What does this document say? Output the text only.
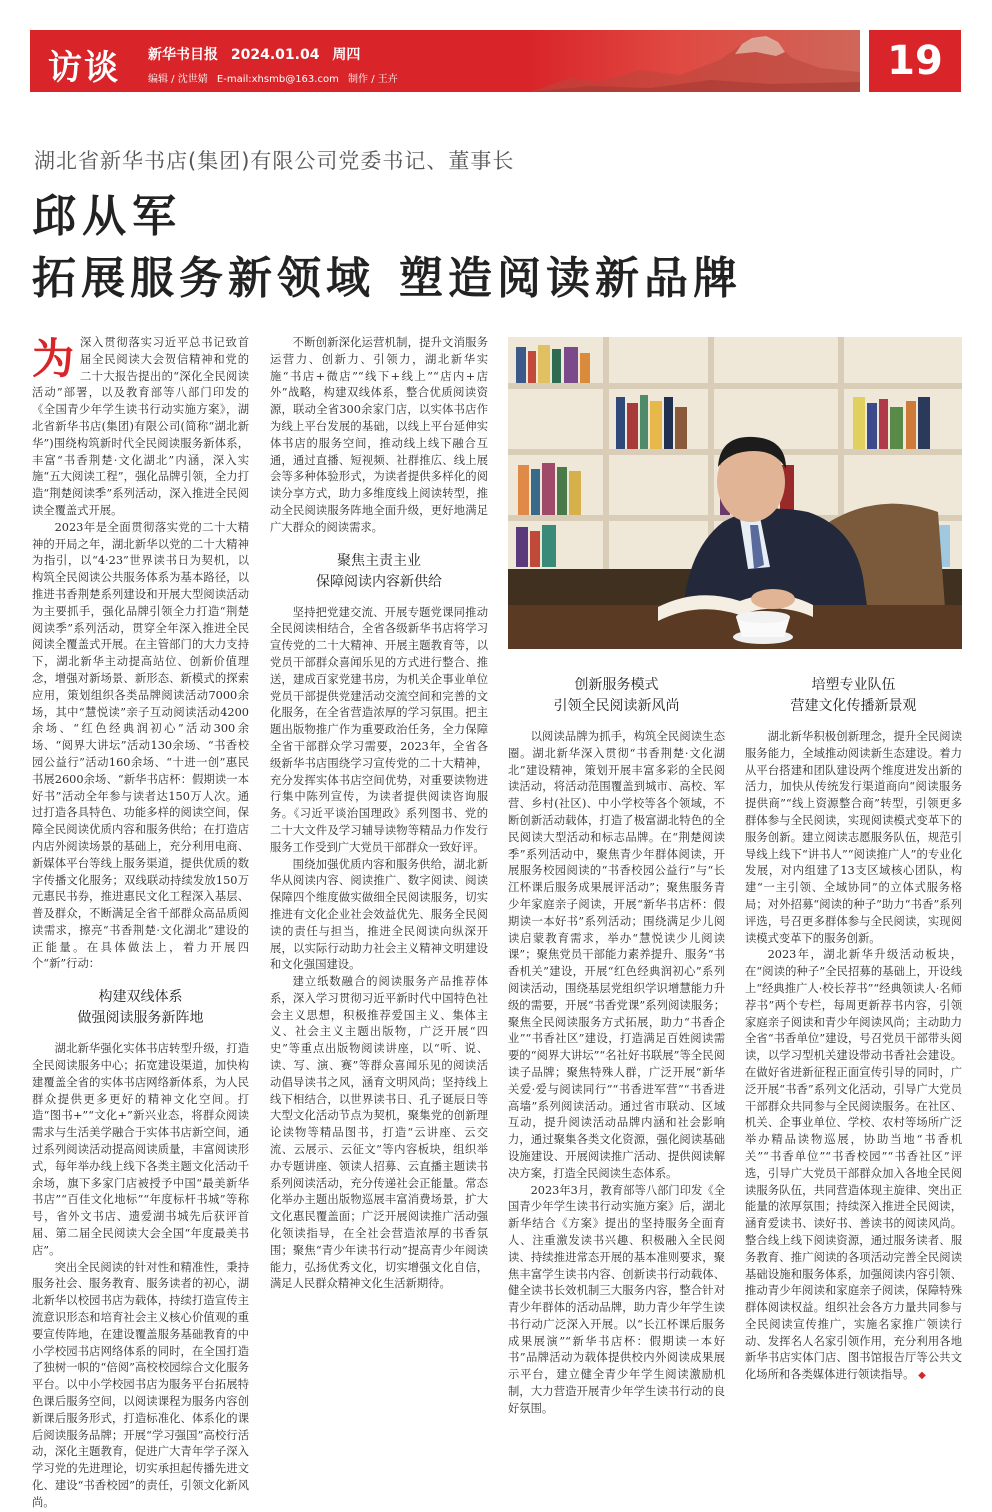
访谈 新华书目报 2024.01.04 周四
编辑 / 沈世婧 E-mail:xhsmb@163.com 制作 / 王卉	19
湖北省新华书店(集团)有限公司党委书记、董事长
邱从军
拓展服务新领域 塑造阅读新品牌
为 深入贯彻落实习近平总书记致首届全民阅读大会贺信精神和党的二十大报告提出的“深化全民阅读活动”部署，以及教育部等八部门印发的《全国青少年学生读书行动实施方案》，湖北省新华书店(集团)有限公司(简称“湖北新华”)围绕构筑新时代全民阅读服务新体系，丰富“书香荆楚·文化湖北”内涵，深入实施“五大阅读工程”，强化品牌引领，全力打造“荆楚阅读季”系列活动，深入推进全民阅读全覆盖式开展。

2023年是全面贯彻落实党的二十大精神的开局之年，湖北新华以党的二十大精神为指引，以“4·23”世界读书日为契机，以构筑全民阅读公共服务体系为基本路径，以推进书香荆楚系列建设和开展大型阅读活动为主要抓手，强化品牌引领全力打造“荆楚阅读季”系列活动，贯穿全年深入推进全民阅读全覆盖式开展。在主管部门的大力支持下，湖北新华主动提高站位、创新价值理念，增强对新场景、新形态、新模式的探索应用，策划组织各类品牌阅读活动7000余场，其中“慧悦读”亲子互动阅读活动4200余场、“红色经典润初心”活动300余场、“阅界大讲坛”活动130余场、“书香校园公益行”活动160余场、“十进一创”惠民书展2600余场、“新华书店杯：假期读一本好书”活动全年参与读者达150万人次。通过打造各具特色、功能多样的阅读空间，保障全民阅读优质内容和服务供给；在打造店内店外阅读场景的基础上，充分利用电商、新媒体平台等线上服务渠道，提供优质的数字传播文化服务；双线联动持续发放150万元惠民书券，推进惠民文化工程深入基层、普及群众，不断满足全省千部群众高品质阅读需求，擦亮“书香荆楚·文化湖北”建设的正能量。在具体做法上，着力开展四个“新”行动：

构建双线体系
做强阅读服务新阵地

湖北新华强化实体书店转型升级，打造全民阅读服务中心；拓宽建设渠道，加快构建覆盖全省的实体书店网络新体系，为人民群众提供更多更好的精神文化空间。打造“图书+”“文化+”新兴业态，将群众阅读需求与生活美学融合于实体书店新空间，通过系列阅读活动提高阅读质量，丰富阅读形式，每年举办线上线下各类主题文化活动千余场，旗下多家门店被授予中国“最美新华书店”“百佳文化地标”“年度标杆书城”等称号，省外文书店、遗爱湖书城先后获评首届、第二届全民阅读大会全国“年度最美书店”。

突出全民阅读的针对性和精准性，秉持服务社会、服务教育、服务读者的初心，湖北新华以校园书店为载体，持续打造宣传主流意识形态和培育社会主义核心价值观的重要宣传阵地，在建设覆盖服务基础教育的中小学校园书店网络体系的同时，在全国打造了独树一帜的“倍阅”高校校园综合文化服务平台。以中小学校园书店为服务平台拓展特色课后服务空间，以阅读课程为服务内容创新课后服务形式，打造标准化、体系化的课后阅读服务品牌；开展“学习强国”高校行活动，深化主题教育，促进广大青年学子深入学习党的先进理论，切实承担起传播先进文化、建设“书香校园”的责任，引领文化新风尚。

不断创新深化运营机制，提升文消服务运营力、创新力、引领力，湖北新华实施“书店+微店”“线下+线上”“店内+店外”战略，构建双线体系，整合优质阅读资源，联动全省300余家门店，以实体书店作为线上平台发展的基础，以线上平台延伸实体书店的服务空间，推动线上线下融合互通，通过直播、短视频、社群推広、线上展会等多种体验形式，为读者提供多样化的阅读分享方式，助力多维度线上阅读转型，推动全民阅读服务阵地全面升级，更好地满足广大群众的阅读需求。

聚焦主责主业
保障阅读内容新供给

坚持把党建交流、开展专题党课同推动全民阅读相结合，全省各级新华书店将学习宣传党的二十大精神、开展主题教育等，以党员干部群众喜闻乐见的方式进行整合、推送，建成百家党建书房，为机关企事业单位党员干部提供党建活动交流空间和完善的文化服务，在全省营造浓厚的学习氛围。把主题出版物推广作为重要政治任务，全力保障全省干部群众学习需要，2023年，全省各级新华书店围绕学习宣传党的二十大精神，充分发挥实体书店空间优势，对重要读物进行集中陈列宣传，为读者提供阅读咨询服务。《习近平谈治国理政》系列图书、党的二十大文件及学习辅导读物等精品力作发行服务工作受到广大党员干部群众一致好评。

围绕加强优质内容和服务供给，湖北新华从阅读内容、阅读推广、数字阅读、阅读保障四个维度做实做细全民阅读服务，切实推进有文化企业社会效益优先、服务全民阅读的责任与担当，推进全民阅读向纵深开展，以实际行动助力社会主义精神文明建设和文化强国建设。

建立纸数融合的阅读服务产品推荐体系，深入学习贯彻习近平新时代中国特色社会主义思想，积极推荐爱国主义、集体主义、社会主义主题出版物，广泛开展“四史”等重点出版物阅读讲座，以“听、说、读、写、演、赛”等群众喜闻乐见的阅读活动倡导读书之风，涵育文明风尚；坚持线上线下相结合，以世界读书日、孔子诞辰日等大型文化活动节点为契机，聚集党的创新理论读物等精品图书，打造“云讲座、云交流、云展示、云征文”等内容板块，组织举办专题讲座、领读人招募、云直播主题读书系列阅读活动，充分传递社会正能量。常态化举办主题出版物巡展丰富消费场景，扩大文化惠民覆盖面；广泛开展阅读推广活动强化领读指导，在全社会营造浓厚的书香氛围；聚焦“青少年读书行动”提高青少年阅读能力，弘扬优秀文化，切实增强文化自信，满足人民群众精神文化生活新期待。

创新服务模式
引领全民阅读新风尚

以阅读品牌为抓手，构筑全民阅读生态圈。湖北新华深入贯彻“书香荆楚·文化湖北”建设精神，策划开展丰富多彩的全民阅读活动，将活动范围覆盖到城市、高校、军营、乡村(社区)、中小学校等各个领域，不断创新活动载体，打造了极富湖北特色的全民阅读大型活动和标志品牌。在“荆楚阅读季”系列活动中，聚焦青少年群体阅读，开展服务校园阅读的“书香校园公益行”与“长江杯课后服务成果展评活动”；聚焦服务青少年家庭亲子阅读，开展“新华书店杯：假期读一本好书”系列活动；围绕满足少儿阅读启蒙教育需求，举办“慧悦读少儿阅读课”；聚焦党员干部能力素养提升、服务“书香机关”建设，开展“红色经典润初心”系列阅读活动，围绕基层党组织学识增慧能力升级的需要，开展“书香党课”系列阅读服务；聚焦全民阅读服务方式拓展，助力“书香企业”“书香社区”建设，打造满足百姓阅读需要的“阅界大讲坛”“名社好书联展”等全民阅读子品牌；聚焦特殊人群，广泛开展“新华关爱·爱与阅读同行”“书香进军营”“书香进高墙”系列阅读活动。通过省市联动、区域互动，提升阅读活动品牌内涵和社会影响力，通过聚集各类文化资源，强化阅读基础设施建设、开展阅读推广活动、提供阅读解决方案，打造全民阅读生态体系。

2023年3月，教育部等八部门印发《全国青少年学生读书行动实施方案》后，湖北新华结合《方案》提出的坚持服务全面育人、注重激发读书兴趣、积极融入全民阅读、持续推进常态开展的基本准则要求，聚焦丰富学生读书内容、创新读书行动载体、健全读书长效机制三大服务内容，整合针对青少年群体的活动品牌，助力青少年学生读书行动广泛深入开展。以“长江杯课后服务成果展演”“新华书店杯：假期读一本好书”品牌活动为载体提供校内外阅读成果展示平台，建立健全青少年学生阅读激励机制，大力营造开展青少年学生读书行动的良好氛围。

培塑专业队伍
营建文化传播新景观

湖北新华积极创新理念，提升全民阅读服务能力，全域推动阅读新生态建设。着力从平台搭建和团队建设两个维度进发出新的活力，加快从传统发行渠道商向“阅读服务提供商”“线上资源整合商”转型，引领更多群体参与全民阅读，实现阅读模式变革下的服务创新。建立阅读志愿服务队伍，规范引导线上线下“讲书人”“阅读推广人”的专业化发展，对内组建了13支区域核心团队，构建“一主引领、全域协同”的立体式服务格局；对外招募“阅读的种子”助力“书香”系列评选，号召更多群体参与全民阅读，实现阅读模式变革下的服务创新。

2023年，湖北新华升级活动板块，在“阅读的种子”全民招募的基础上，开设线上“经典推广人·校长荐书”“经典领读人·名师荐书”两个专栏，每周更新荐书内容，引领家庭亲子阅读和青少年阅读风尚；主动助力全省“书香单位”建设，号召党员干部带头阅读，以学习型机关建设带动书香社会建设。在做好省进新征程正面宣传引导的同时，广泛开展“书香”系列文化活动，引导广大党员干部群众共同参与全民阅读服务。在社区、机关、企事业单位、学校、农村等场所广泛举办精品读物巡展，协助当地“书香机关”“书香单位”“书香校园”“书香社区”评选，引导广大党员干部群众加入各地全民阅读服务队伍，共同营造体现主旋律、突出正能量的浓厚氛围；持续深入推进全民阅读，涵育爱读书、读好书、善读书的阅读风尚。整合线上线下阅读资源，通过服务读者、服务教育、推广阅读的各项活动完善全民阅读基础设施和服务体系，加强阅读内容引领、推动青少年阅读和家庭亲子阅读，保障特殊群体阅读权益。组织社会各方力量共同参与全民阅读宣传推广，实施名家推广领读行动、发挥名人名家引领作用，充分利用各地新华书店实体门店、图书馆报告厅等公共文化场所和各类媒体进行领读指导。 ◆
